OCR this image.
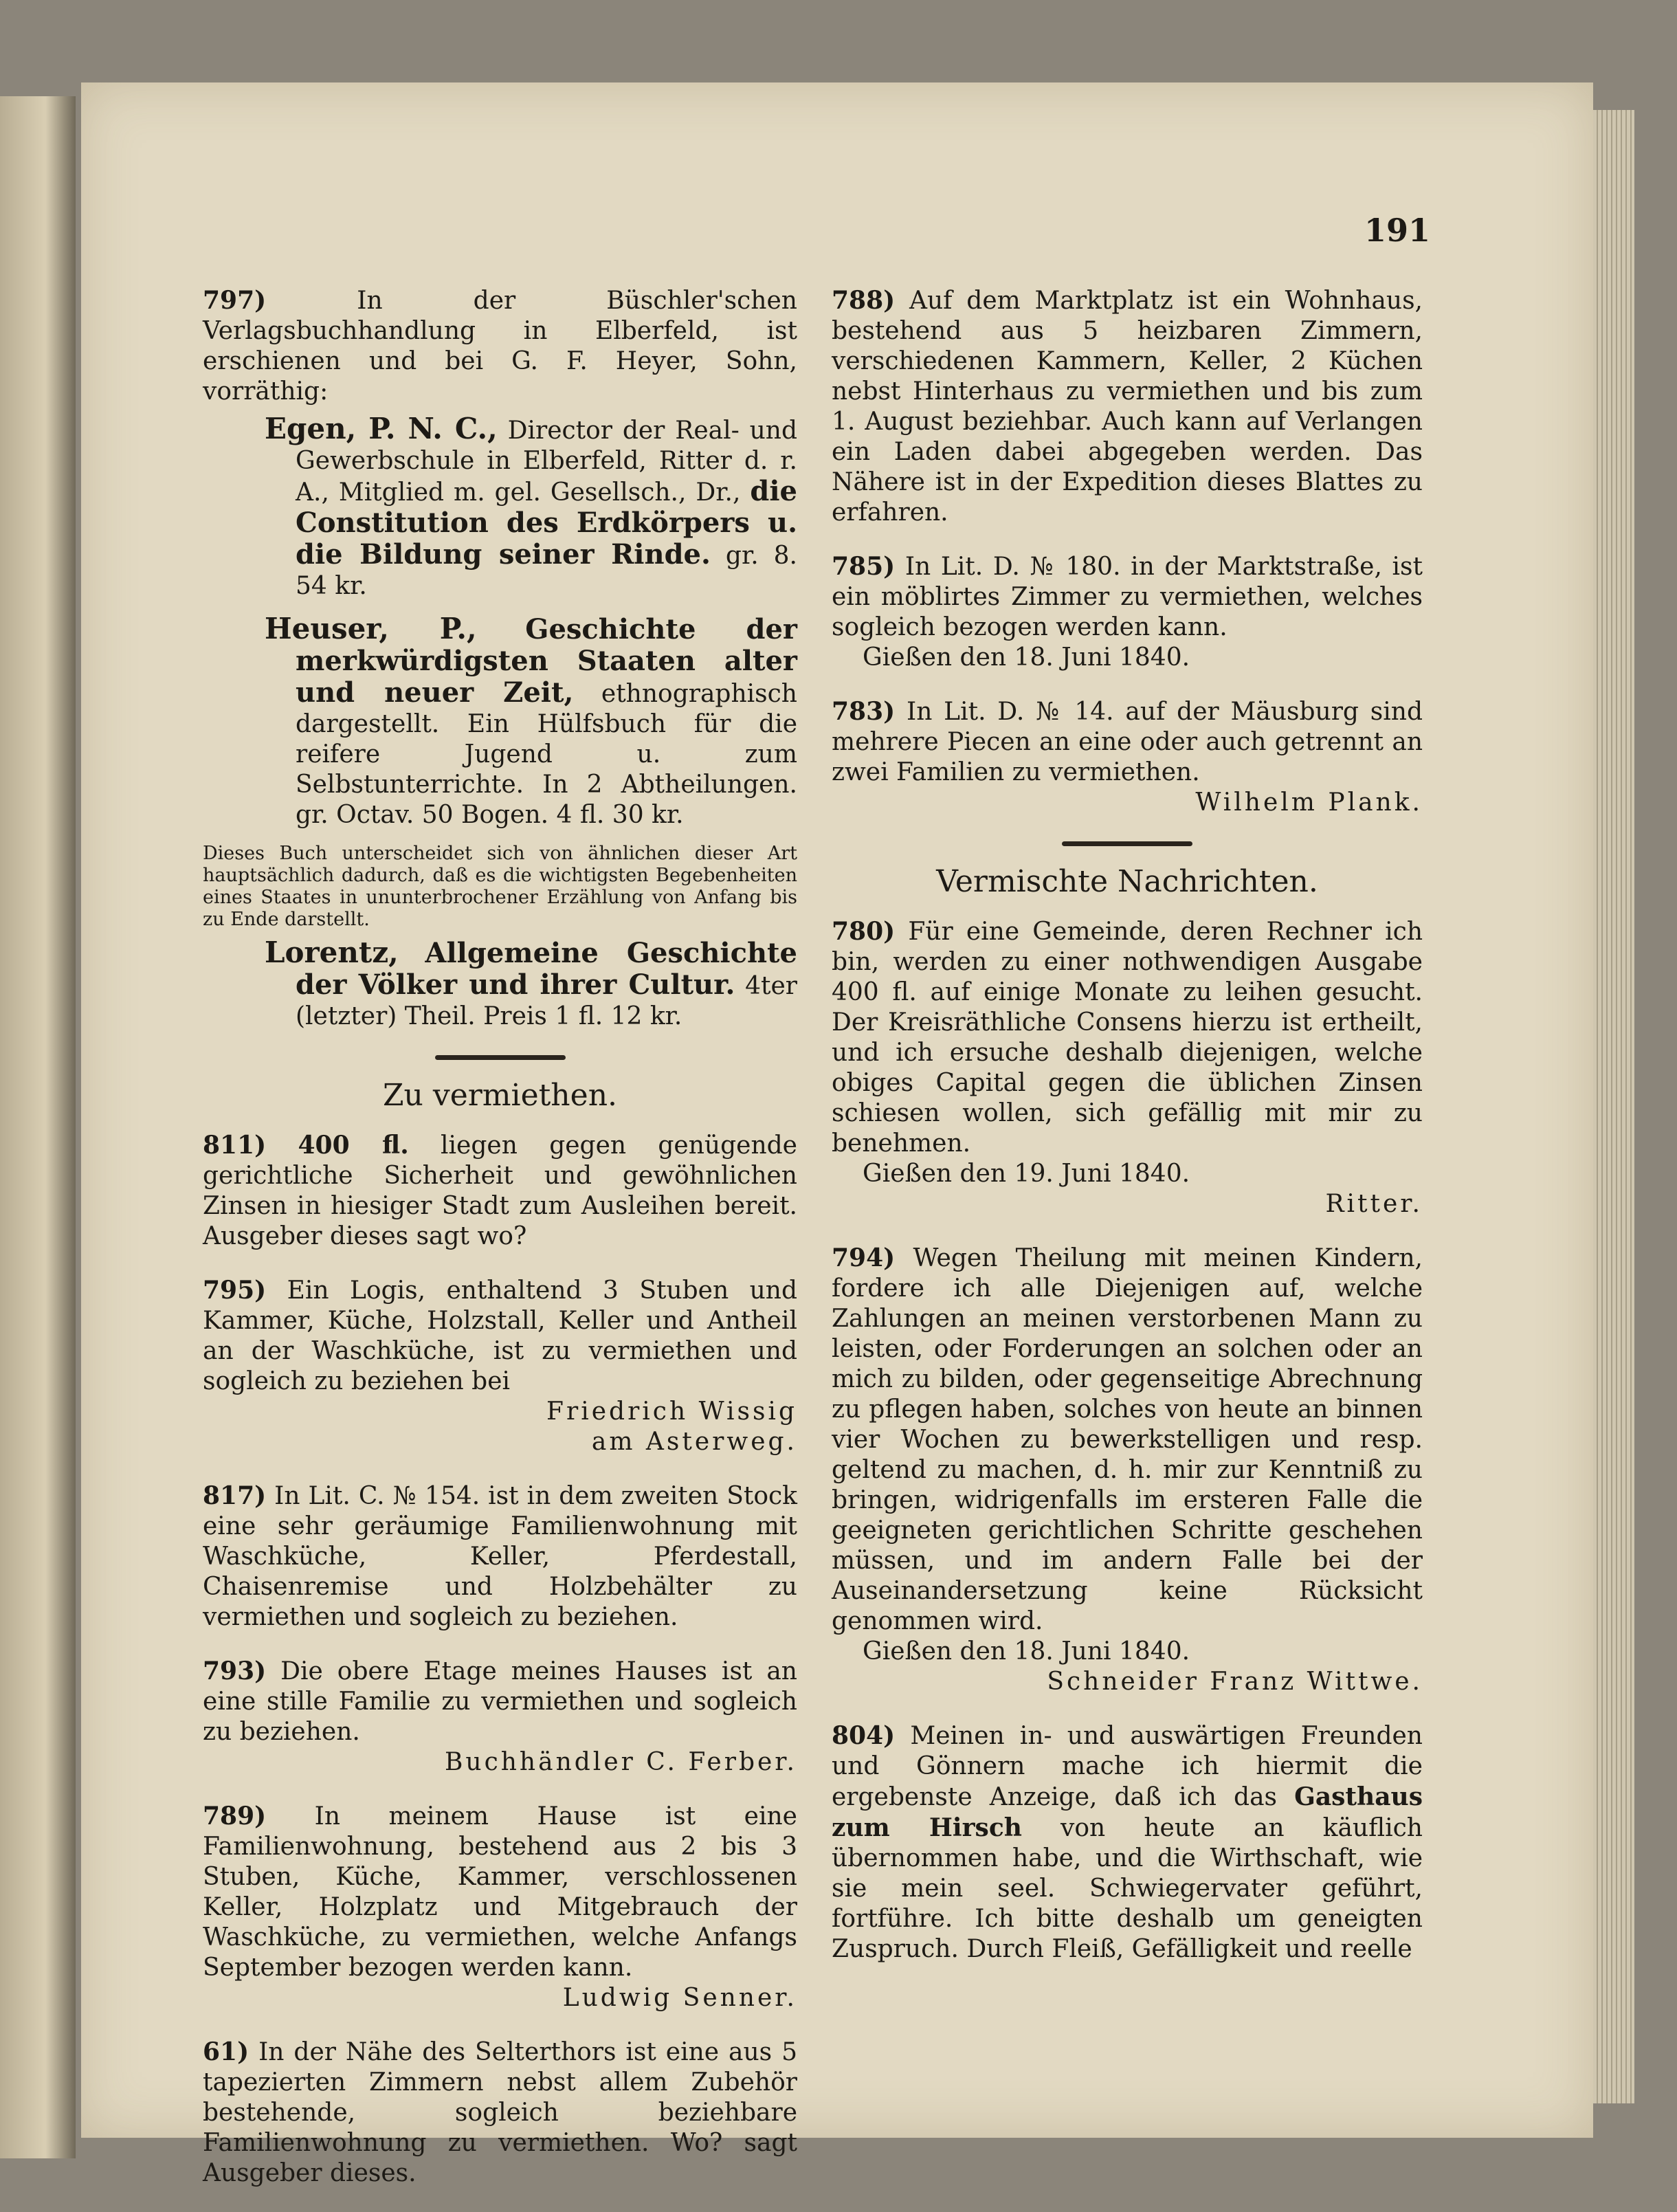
191

797)	In der Büschler'schen Verlagsbuchhandlung in Elberfeld, ist erschienen und bei G. F. Heyer, Sohn, vorräthig:

Egen, P. N. C., Director der Real- und Gewerbschule in Elberfeld, Ritter d. r. A., Mitglied m. gel. Gesellsch., Dr., die Constitution des Erdkörpers u. die Bildung seiner Rinde. gr. 8. 54 kr.
Heuser, P., Geschichte der merkwürdigsten Staaten alter und neuer Zeit, ethnographisch dargestellt. Ein Hülfsbuch für die reifere Jugend u. zum Selbstunterrichte. In 2 Abtheilungen. gr. Octav. 50 Bogen. 4 fl. 30 kr.

Dieses Buch unterscheidet sich von ähnlichen dieser Art hauptsächlich dadurch, daß es die wichtigsten Begebenheiten eines Staates in ununterbrochener Erzählung von Anfang bis zu Ende darstellt.

Lorentz, Allgemeine Geschichte der Völker und ihrer Cultur. 4ter (letzter) Theil. Preis 1 fl. 12 kr.
Zu vermiethen.

811) 400 fl. liegen gegen genügende gerichtliche Sicherheit und gewöhnlichen Zinsen in hiesiger Stadt zum Ausleihen bereit. Ausgeber dieses sagt wo?

795) Ein Logis, enthaltend 3 Stuben und Kammer, Küche, Holzstall, Keller und Antheil an der Waschküche, ist zu vermiethen und sogleich zu beziehen bei

Friedrich Wissig

am Asterweg.

817) In Lit. C. № 154. ist in dem zweiten Stock eine sehr geräumige Familienwohnung mit Waschküche, Keller, Pferdestall, Chaisenremise und Holzbehälter zu vermiethen und sogleich zu beziehen.

793) Die obere Etage meines Hauses ist an eine stille Familie zu vermiethen und sogleich zu beziehen.

Buchhändler C. Ferber.

789) In meinem Hause ist eine Familienwohnung, bestehend aus 2 bis 3 Stuben, Küche, Kammer, verschlossenen Keller, Holzplatz und Mitgebrauch der Waschküche, zu vermiethen, welche Anfangs September bezogen werden kann.

Ludwig Senner.

61) In der Nähe des Selterthors ist eine aus 5 tapezierten Zimmern nebst allem Zubehör bestehende, sogleich beziehbare Familienwohnung zu vermiethen. Wo? sagt Ausgeber dieses.

788) Auf dem Marktplatz ist ein Wohnhaus, bestehend aus 5 heizbaren Zimmern, verschiedenen Kammern, Keller, 2 Küchen nebst Hinterhaus zu vermiethen und bis zum 1. August beziehbar. Auch kann auf Verlangen ein Laden dabei abgegeben werden. Das Nähere ist in der Expedition dieses Blattes zu erfahren.

785) In Lit. D. № 180. in der Marktstraße, ist ein möblirtes Zimmer zu vermiethen, welches sogleich bezogen werden kann.

Gießen den 18. Juni 1840.

783) In Lit. D. № 14. auf der Mäusburg sind mehrere Piecen an eine oder auch getrennt an zwei Familien zu vermiethen.

Wilhelm Plank.

Vermischte Nachrichten.

780) Für eine Gemeinde, deren Rechner ich bin, werden zu einer nothwendigen Ausgabe 400 fl. auf einige Monate zu leihen gesucht. Der Kreisräthliche Consens hierzu ist ertheilt, und ich ersuche deshalb diejenigen, welche obiges Capital gegen die üblichen Zinsen schiesen wollen, sich gefällig mit mir zu benehmen.

Gießen den 19. Juni 1840.

Ritter.

794) Wegen Theilung mit meinen Kindern, fordere ich alle Diejenigen auf, welche Zahlungen an meinen verstorbenen Mann zu leisten, oder Forderungen an solchen oder an mich zu bilden, oder gegenseitige Abrechnung zu pflegen haben, solches von heute an binnen vier Wochen zu bewerkstelligen und resp. geltend zu machen, d. h. mir zur Kenntniß zu bringen, widrigenfalls im ersteren Falle die geeigneten gerichtlichen Schritte geschehen müssen, und im andern Falle bei der Auseinandersetzung keine Rücksicht genommen wird.

Gießen den 18. Juni 1840.

Schneider Franz Wittwe.

804) Meinen in- und auswärtigen Freunden und Gönnern mache ich hiermit die ergebenste Anzeige, daß ich das Gasthaus zum Hirsch von heute an käuflich übernommen habe, und die Wirthschaft, wie sie mein seel. Schwiegervater geführt, fortführe. Ich bitte deshalb um geneigten Zuspruch. Durch Fleiß, Gefälligkeit und reelle
